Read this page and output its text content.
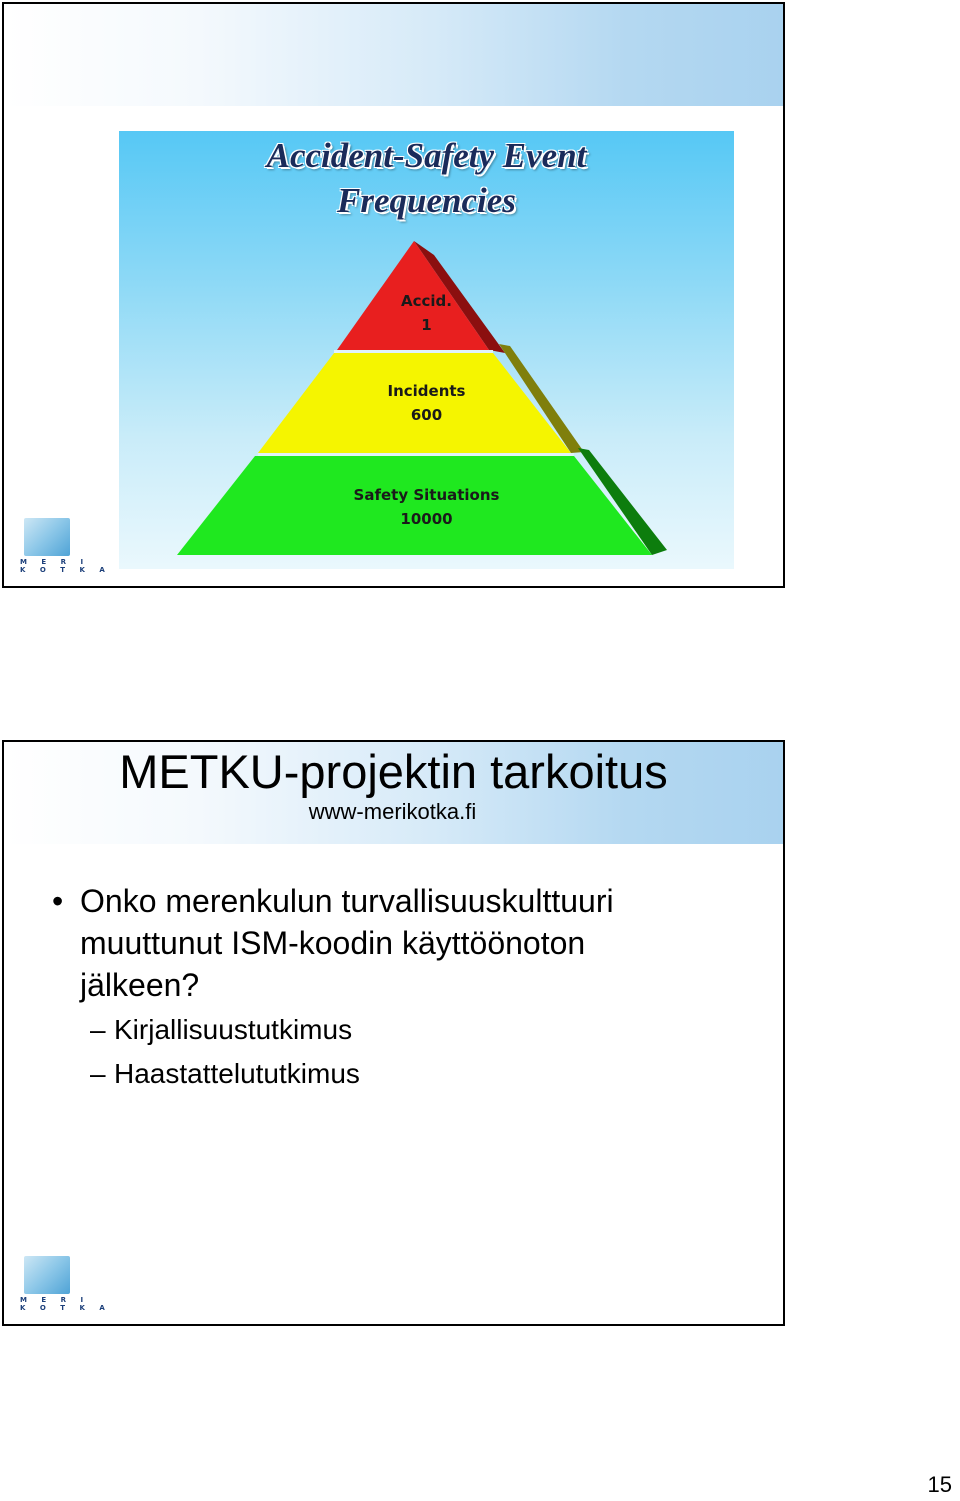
Accident-Safety Event
Frequencies
Accid.
1
Incidents
600
Safety Situations
10000
M E R I
K O T K A
METKU-projektin tarkoitus
www-merikotka.fi
• Onko merenkulun turvallisuuskulttuuri
muuttunut ISM-koodin käyttöönoton
jälkeen?
– Kirjallisuustutkimus
– Haastattelututkimus
M E R I
K O T K A
15
